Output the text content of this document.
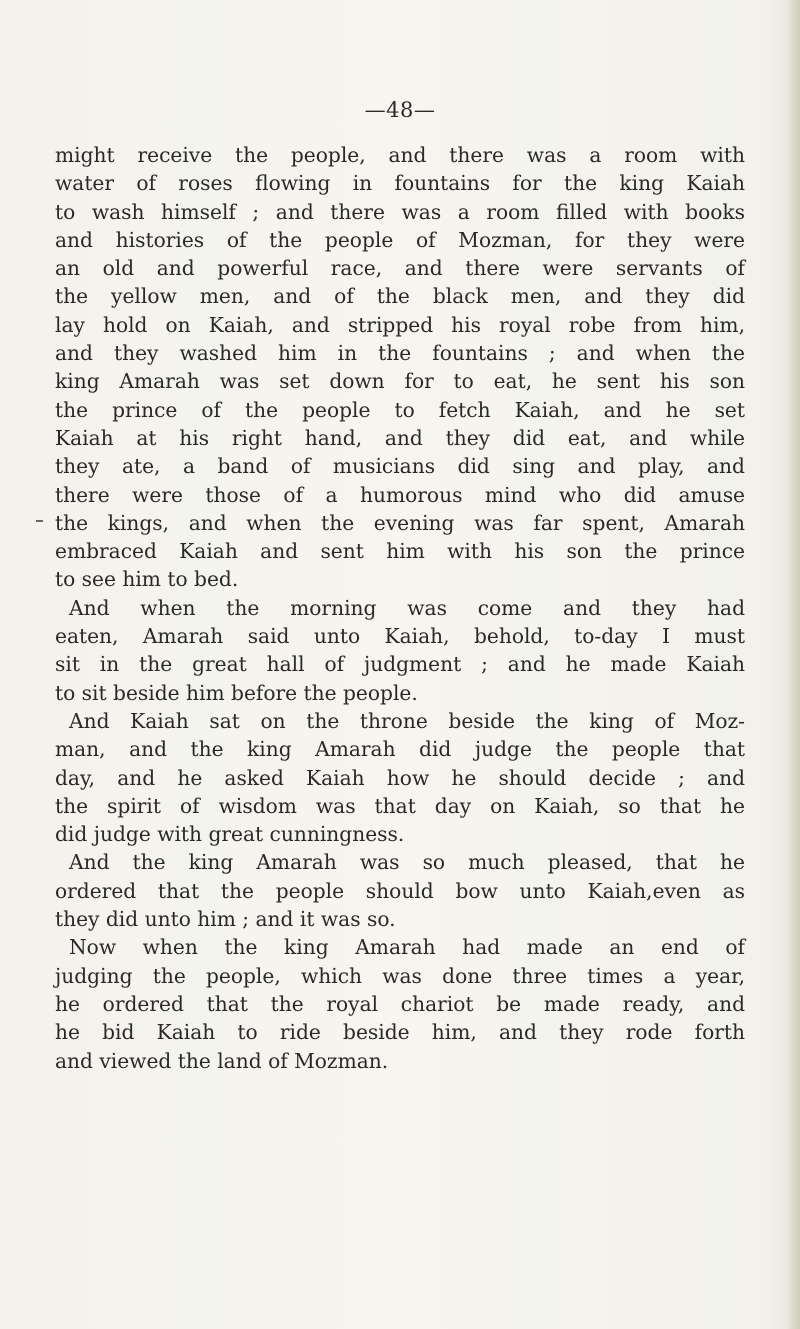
—48—
might receive the people, and there was a room with
water of roses flowing in fountains for the king Kaiah
to wash himself ; and there was a room filled with books
and histories of the people of Mozman, for they were
an old and powerful race, and there were servants of
the yellow men, and of the black men, and they did
lay hold on Kaiah, and stripped his royal robe from him,
and they washed him in the fountains ; and when the
king Amarah was set down for to eat, he sent his son
the prince of the people to fetch Kaiah, and he set
Kaiah at his right hand, and they did eat, and while
they ate, a band of musicians did sing and play, and
there were those of a humorous mind who did amuse
the kings, and when the evening was far spent, Amarah
embraced Kaiah and sent him with his son the prince
to see him to bed.
And when the morning was come and they had
eaten, Amarah said unto Kaiah, behold, to-day I must
sit in the great hall of judgment ; and he made Kaiah
to sit beside him before the people.
And Kaiah sat on the throne beside the king of Moz-
man, and the king Amarah did judge the people that
day, and he asked Kaiah how he should decide ; and
the spirit of wisdom was that day on Kaiah, so that he
did judge with great cunningness.
And the king Amarah was so much pleased, that he
ordered that the people should bow unto Kaiah,even as
they did unto him ; and it was so.
Now when the king Amarah had made an end of
judging the people, which was done three times a year,
he ordered that the royal chariot be made ready, and
he bid Kaiah to ride beside him, and they rode forth
and viewed the land of Mozman.
